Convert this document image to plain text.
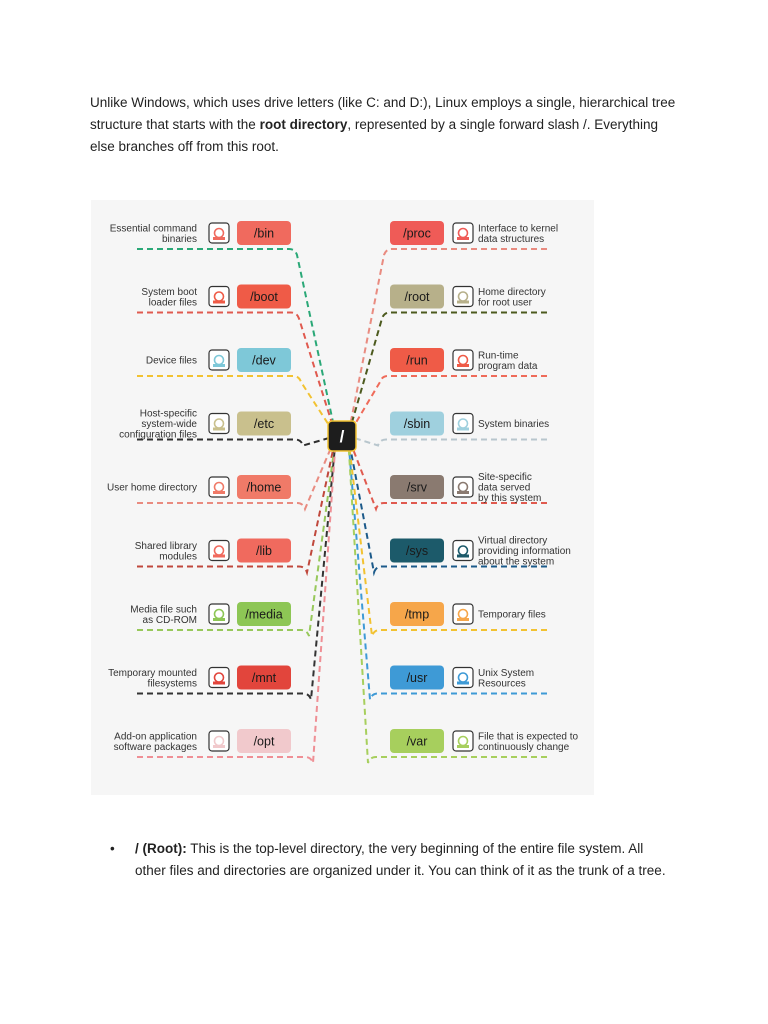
Unlike Windows, which uses drive letters (like C: and D:), Linux employs a single, hierarchical tree structure that starts with the root directory, represented by a single forward slash /. Everything else branches off from this root.

/bin
Essential command
binaries
/boot
System boot
loader files
/dev
Device files
/etc
Host-specific
system-wide
configuration files
/home
User home directory
/lib
Shared library
modules
/media
Media file such
as CD-ROM
/mnt
Temporary mounted
filesystems
/opt
Add-on application
software packages
/proc	Interface to kernel
data structures
/root	Home directory
for root user
/run	Run-time
program data
/sbin	System binaries
/srv
Site-specific
data served
by this system
/sys
Virtual directory
providing information
about the system
/tmp	Temporary files
/usr	Unix System
Resources
/var	File that is expected to
continuously change
/
• / (Root): This is the top-level directory, the very beginning of the entire file system. All other files and directories are organized under it. You can think of it as the trunk of a tree.
